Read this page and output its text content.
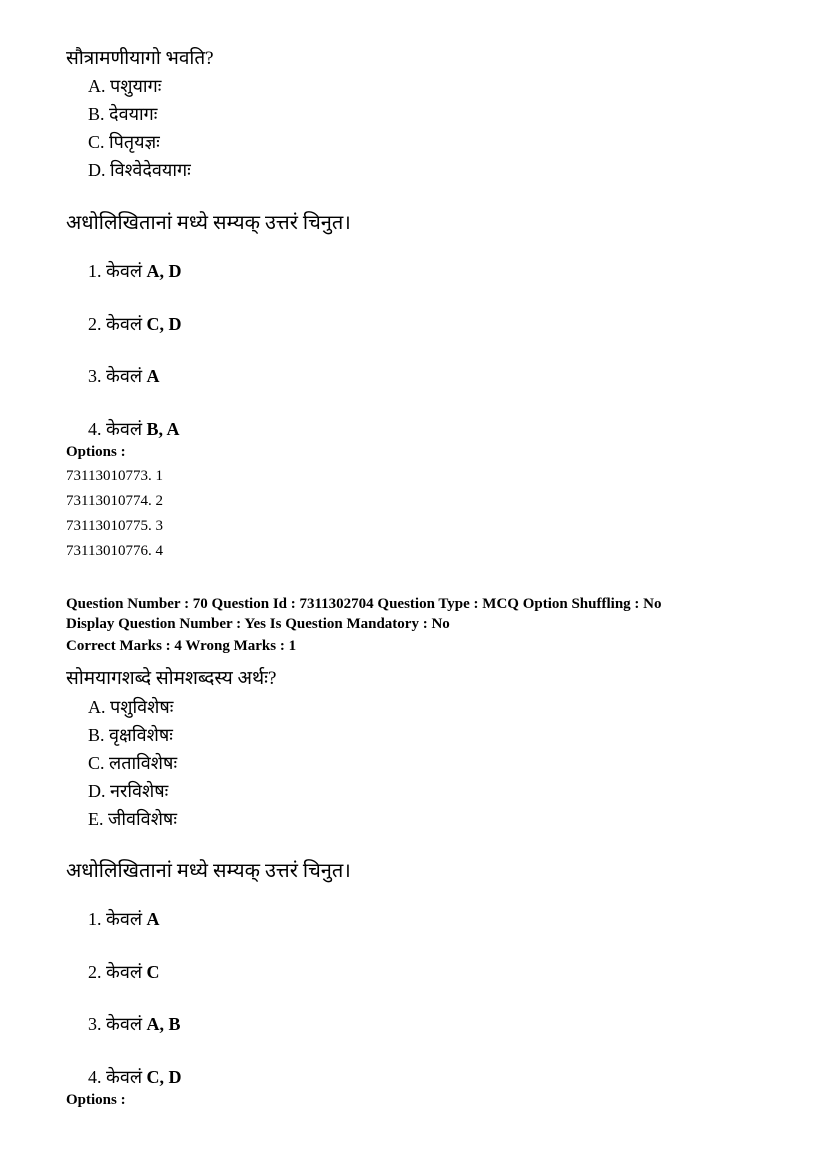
सौत्रामणीयागो भवति?
A. पशुयागः
B. देवयागः
C. पितृयज्ञः
D. विश्वेदेवयागः
अधोलिखितानां मध्ये सम्यक् उत्तरं चिनुत।
1. केवलं A, D
2. केवलं C, D
3. केवलं A
4. केवलं B, A
Options :
73113010773. 1
73113010774. 2
73113010775. 3
73113010776. 4
Question Number : 70 Question Id : 7311302704 Question Type : MCQ Option Shuffling : No
Display Question Number : Yes Is Question Mandatory : No
Correct Marks : 4 Wrong Marks : 1
सोमयागशब्दे सोमशब्दस्य अर्थः?
A. पशुविशेषः
B. वृक्षविशेषः
C. लताविशेषः
D. नरविशेषः
E. जीवविशेषः
अधोलिखितानां मध्ये सम्यक् उत्तरं चिनुत।
1. केवलं A
2. केवलं C
3. केवलं A, B
4. केवलं C, D
Options :
